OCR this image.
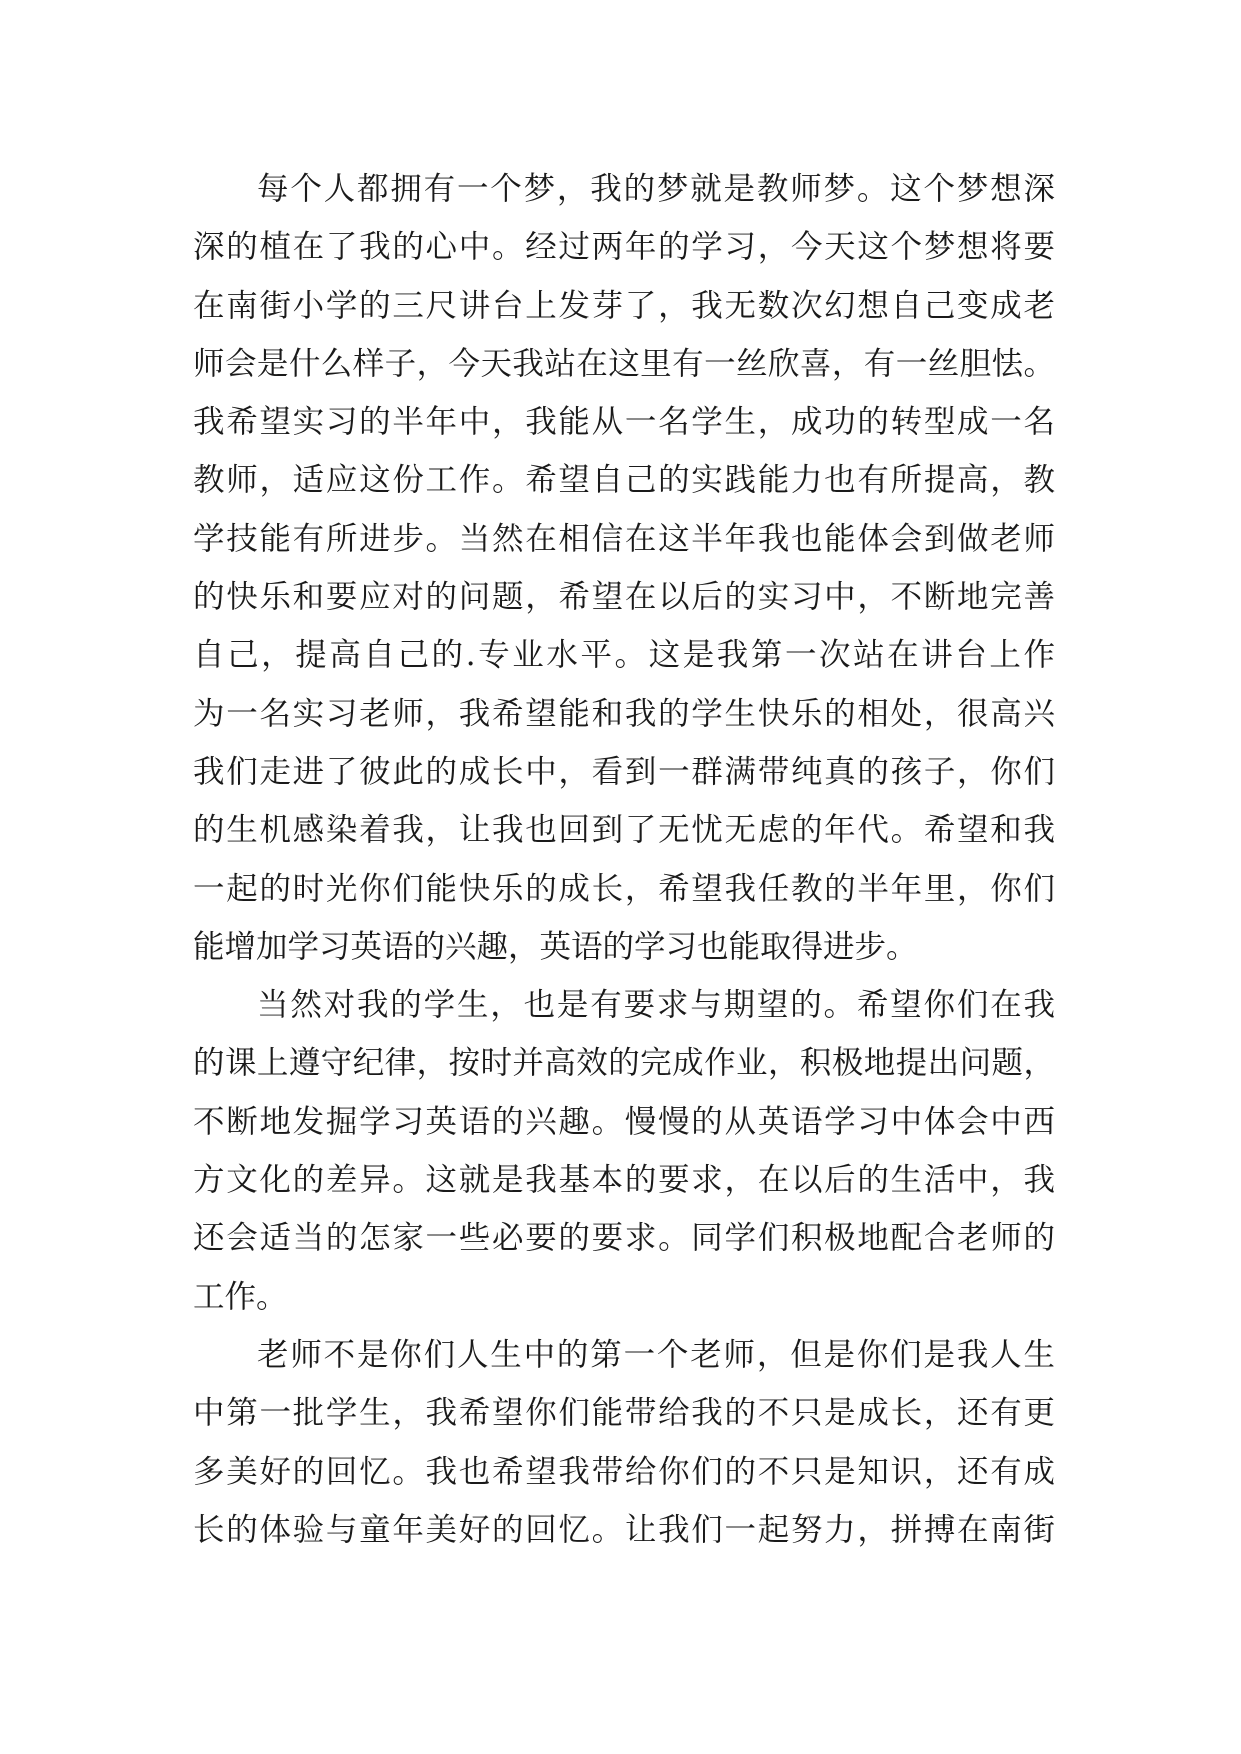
每个人都拥有一个梦，我的梦就是教师梦。这个梦想深
深的植在了我的心中。经过两年的学习，今天这个梦想将要
在南街小学的三尺讲台上发芽了，我无数次幻想自己变成老
师会是什么样子，今天我站在这里有一丝欣喜，有一丝胆怯。
我希望实习的半年中，我能从一名学生，成功的转型成一名
教师，适应这份工作。希望自己的实践能力也有所提高，教
学技能有所进步。当然在相信在这半年我也能体会到做老师
的快乐和要应对的问题，希望在以后的实习中，不断地完善
自己，提高自己的.专业水平。这是我第一次站在讲台上作
为一名实习老师，我希望能和我的学生快乐的相处，很高兴
我们走进了彼此的成长中，看到一群满带纯真的孩子，你们
的生机感染着我，让我也回到了无忧无虑的年代。希望和我
一起的时光你们能快乐的成长，希望我任教的半年里，你们
能增加学习英语的兴趣，英语的学习也能取得进步。
当然对我的学生，也是有要求与期望的。希望你们在我
的课上遵守纪律，按时并高效的完成作业，积极地提出问题，
不断地发掘学习英语的兴趣。慢慢的从英语学习中体会中西
方文化的差异。这就是我基本的要求，在以后的生活中，我
还会适当的怎家一些必要的要求。同学们积极地配合老师的
工作。
老师不是你们人生中的第一个老师，但是你们是我人生
中第一批学生，我希望你们能带给我的不只是成长，还有更
多美好的回忆。我也希望我带给你们的不只是知识，还有成
长的体验与童年美好的回忆。让我们一起努力，拼搏在南街
